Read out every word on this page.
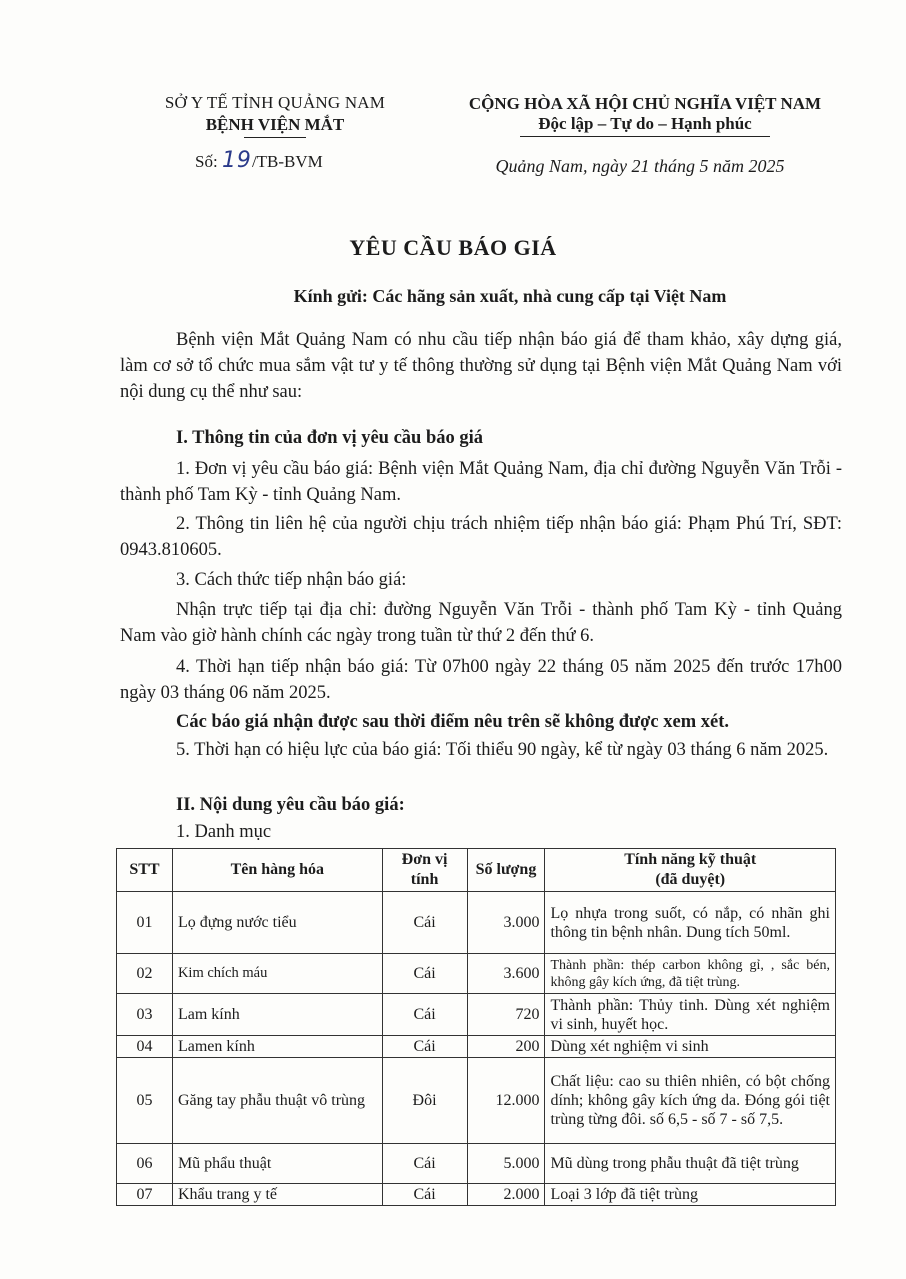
SỞ Y TẾ TỈNH QUẢNG NAM
BỆNH VIỆN MẮT
Số: 19/TB-BVM
CỘNG HÒA XÃ HỘI CHỦ NGHĨA VIỆT NAM
Độc lập – Tự do – Hạnh phúc
Quảng Nam, ngày 21 tháng 5 năm 2025
YÊU CẦU BÁO GIÁ
Kính gửi: Các hãng sản xuất, nhà cung cấp tại Việt Nam
Bệnh viện Mắt Quảng Nam có nhu cầu tiếp nhận báo giá để tham khảo, xây dựng giá, làm cơ sở tổ chức mua sắm vật tư y tế thông thường sử dụng tại Bệnh viện Mắt Quảng Nam với nội dung cụ thể như sau:
I. Thông tin của đơn vị yêu cầu báo giá
1. Đơn vị yêu cầu báo giá: Bệnh viện Mắt Quảng Nam, địa chỉ đường Nguyễn Văn Trỗi - thành phố Tam Kỳ - tỉnh Quảng Nam.
2. Thông tin liên hệ của người chịu trách nhiệm tiếp nhận báo giá: Phạm Phú Trí, SĐT: 0943.810605.
3. Cách thức tiếp nhận báo giá:
Nhận trực tiếp tại địa chỉ: đường Nguyễn Văn Trỗi - thành phố Tam Kỳ - tỉnh Quảng Nam vào giờ hành chính các ngày trong tuần từ thứ 2 đến thứ 6.
4. Thời hạn tiếp nhận báo giá: Từ 07h00 ngày 22 tháng 05 năm 2025 đến trước 17h00 ngày 03 tháng 06 năm 2025.
Các báo giá nhận được sau thời điểm nêu trên sẽ không được xem xét.
5. Thời hạn có hiệu lực của báo giá: Tối thiểu 90 ngày, kể từ ngày 03 tháng 6 năm 2025.
II. Nội dung yêu cầu báo giá:
1. Danh mục
STT	Tên hàng hóa	Đơn vị tính	Số lượng	Tính năng kỹ thuật
(đã duyệt)

01	Lọ đựng nước tiểu	Cái	3.000	Lọ nhựa trong suốt, có nắp, có nhãn ghi thông tin bệnh nhân. Dung tích 50ml.
02	Kim chích máu	Cái	3.600	Thành phần: thép carbon không gỉ, , sắc bén, không gây kích ứng, đã tiệt trùng.
03	Lam kính	Cái	720	Thành phần: Thủy tinh. Dùng xét nghiệm vi sinh, huyết học.
04	Lamen kính	Cái	200	Dùng xét nghiệm vi sinh
05	Găng tay phẫu thuật vô trùng	Đôi	12.000	Chất liệu: cao su thiên nhiên, có bột chống dính; không gây kích ứng da. Đóng gói tiệt trùng từng đôi. số 6,5 - số 7 - số 7,5.
06	Mũ phẩu thuật	Cái	5.000	Mũ dùng trong phẫu thuật đã tiệt trùng
07	Khẩu trang y tế	Cái	2.000	Loại 3 lớp đã tiệt trùng
